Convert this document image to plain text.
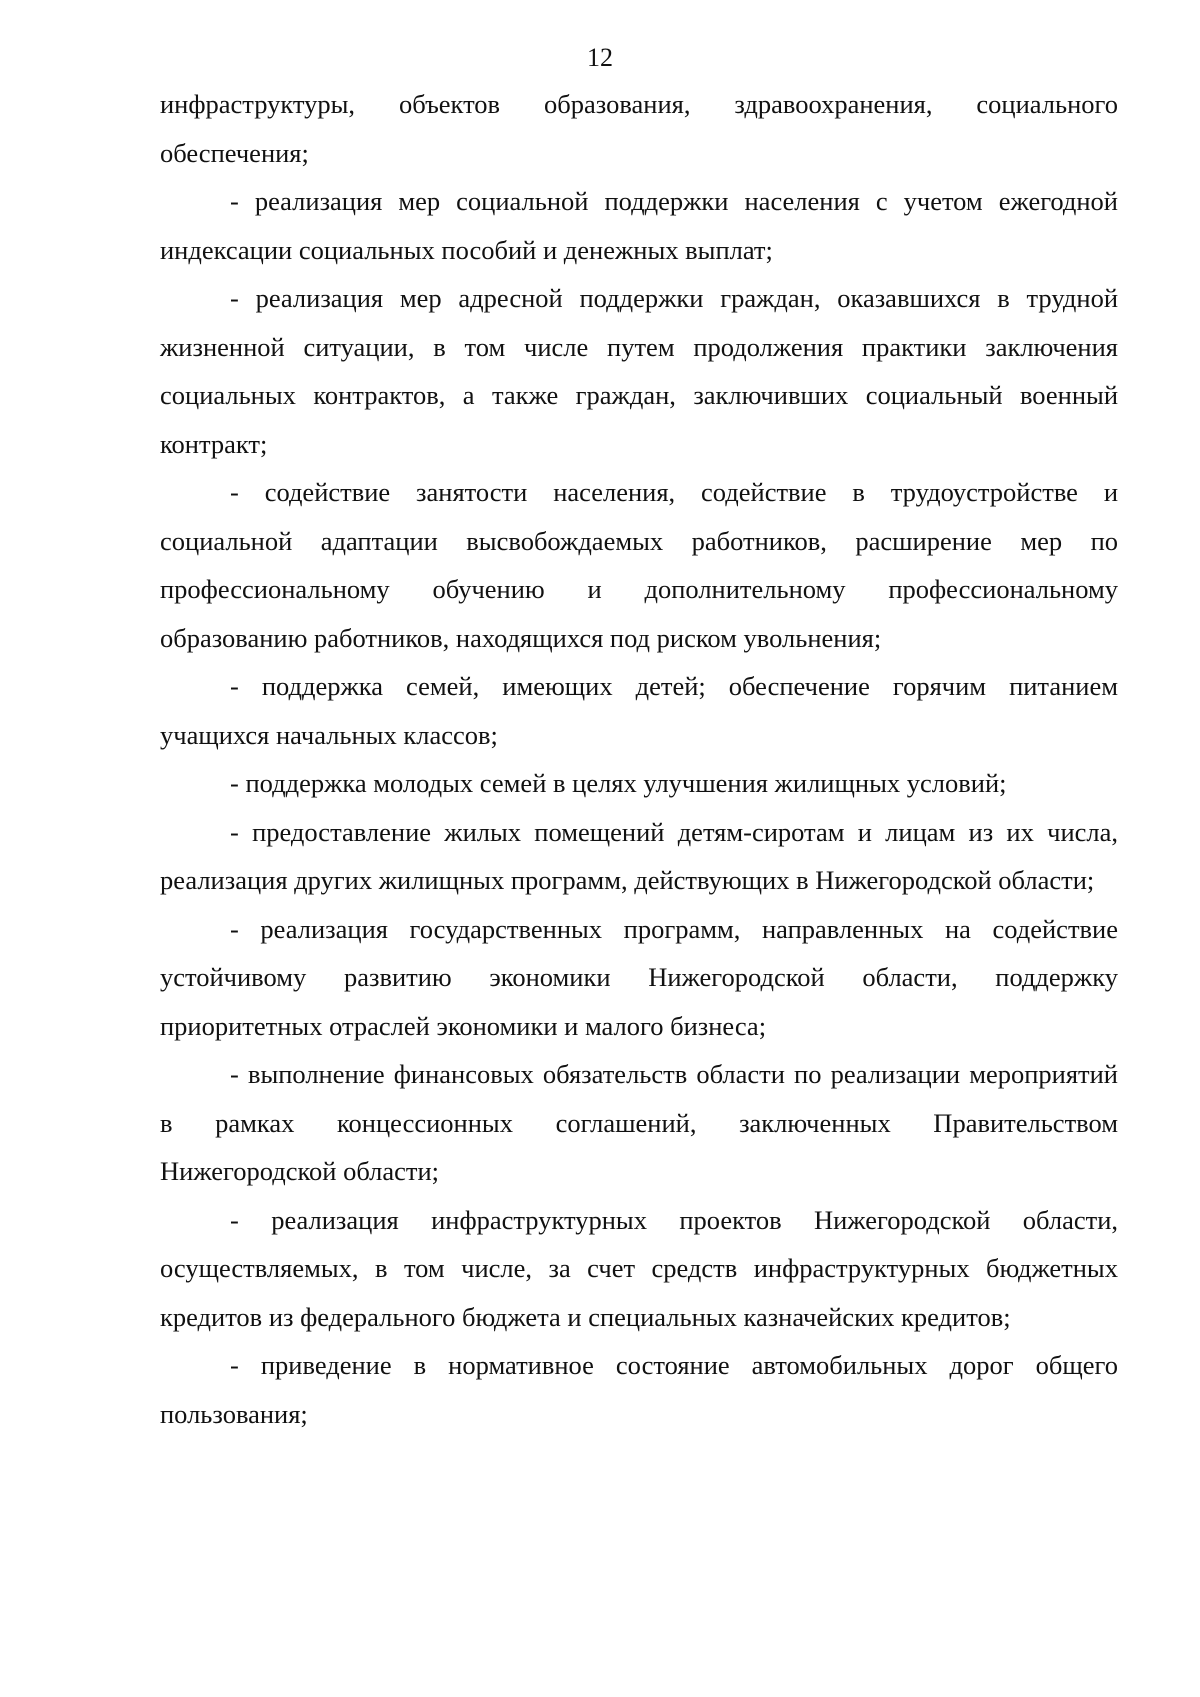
12

инфраструктуры, объектов образования, здравоохранения, социального обеспечения;

- реализация мер социальной поддержки населения с учетом ежегодной индексации социальных пособий и денежных выплат;

- реализация мер адресной поддержки граждан, оказавшихся в трудной жизненной ситуации, в том числе путем продолжения практики заключения социальных контрактов, а также граждан, заключивших социальный военный контракт;

- содействие занятости населения, содействие в трудоустройстве и социальной адаптации высвобождаемых работников, расширение мер по профессиональному обучению и дополнительному профессиональному образованию работников, находящихся под риском увольнения;

- поддержка семей, имеющих детей; обеспечение горячим питанием учащихся начальных классов;

- поддержка молодых семей в целях улучшения жилищных условий;

- предоставление жилых помещений детям-сиротам и лицам из их числа, реализация других жилищных программ, действующих в Нижегородской области;

- реализация государственных программ, направленных на содействие устойчивому развитию экономики Нижегородской области, поддержку приоритетных отраслей экономики и малого бизнеса;

- выполнение финансовых обязательств области по реализации мероприятий в рамках концессионных соглашений, заключенных Правительством Нижегородской области;

- реализация инфраструктурных проектов Нижегородской области, осуществляемых, в том числе, за счет средств инфраструктурных бюджетных кредитов из федерального бюджета и специальных казначейских кредитов;

- приведение в нормативное состояние автомобильных дорог общего пользования;
